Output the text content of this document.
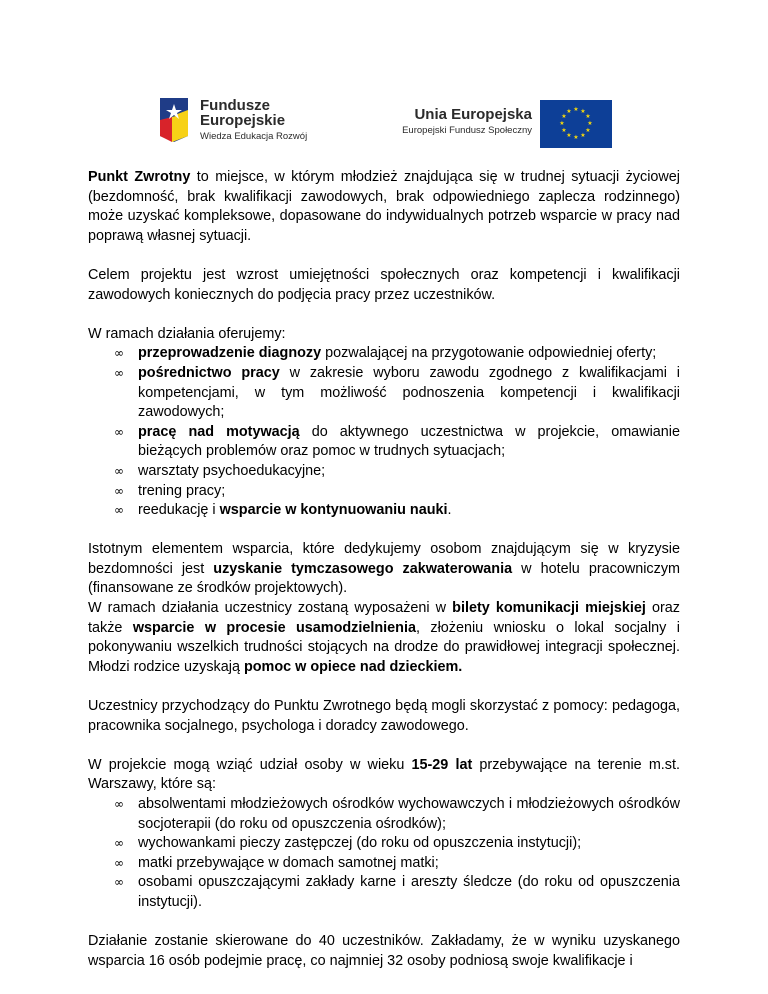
Fundusze
Europejskie
Wiedza Edukacja Rozwój
Unia Europejska
Europejski Fundusz Społeczny
★ ★
★
★
★
★
★
★
★
★
★
★

Punkt Zwrotny to miejsce, w którym młodzież znajdująca się w trudnej sytuacji życiowej (bezdomność, brak kwalifikacji zawodowych, brak odpowiedniego zaplecza rodzinnego) może uzyskać kompleksowe, dopasowane do indywidualnych potrzeb wsparcie w pracy nad poprawą własnej sytuacji.

Celem projektu jest wzrost umiejętności społecznych oraz kompetencji i kwalifikacji zawodowych koniecznych do podjęcia pracy przez uczestników.

W ramach działania oferujemy:

∞ przeprowadzenie diagnozy pozwalającej na przygotowanie odpowiedniej oferty;
∞ pośrednictwo pracy w zakresie wyboru zawodu zgodnego z kwalifikacjami i kompetencjami, w tym możliwość podnoszenia kompetencji i kwalifikacji zawodowych;
∞ pracę nad motywacją do aktywnego uczestnictwa w projekcie, omawianie bieżących problemów oraz pomoc w trudnych sytuacjach;
∞ warsztaty psychoedukacyjne;
∞ trening pracy;
∞ reedukację i wsparcie w kontynuowaniu nauki.

Istotnym elementem wsparcia, które dedykujemy osobom znajdującym się w kryzysie bezdomności jest uzyskanie tymczasowego zakwaterowania w hotelu pracowniczym (finansowane ze środków projektowych).

W ramach działania uczestnicy zostaną wyposażeni w bilety komunikacji miejskiej oraz także wsparcie w procesie usamodzielnienia, złożeniu wniosku o lokal socjalny i pokonywaniu wszelkich trudności stojących na drodze do prawidłowej integracji społecznej. Młodzi rodzice uzyskają pomoc w opiece nad dzieckiem.

Uczestnicy przychodzący do Punktu Zwrotnego będą mogli skorzystać z pomocy: pedagoga, pracownika socjalnego, psychologa i doradcy zawodowego.

W projekcie mogą wziąć udział osoby w wieku 15-29 lat przebywające na terenie m.st. Warszawy, które są:

∞ absolwentami młodzieżowych ośrodków wychowawczych i młodzieżowych ośrodków socjoterapii (do roku od opuszczenia ośrodków);
∞ wychowankami pieczy zastępczej (do roku od opuszczenia instytucji);
∞ matki przebywające w domach samotnej matki;
∞ osobami opuszczającymi zakłady karne i areszty śledcze (do roku od opuszczenia instytucji).

Działanie zostanie skierowane do 40 uczestników. Zakładamy, że w wyniku uzyskanego wsparcia 16 osób podejmie pracę, co najmniej 32 osoby podniosą swoje kwalifikacje i
